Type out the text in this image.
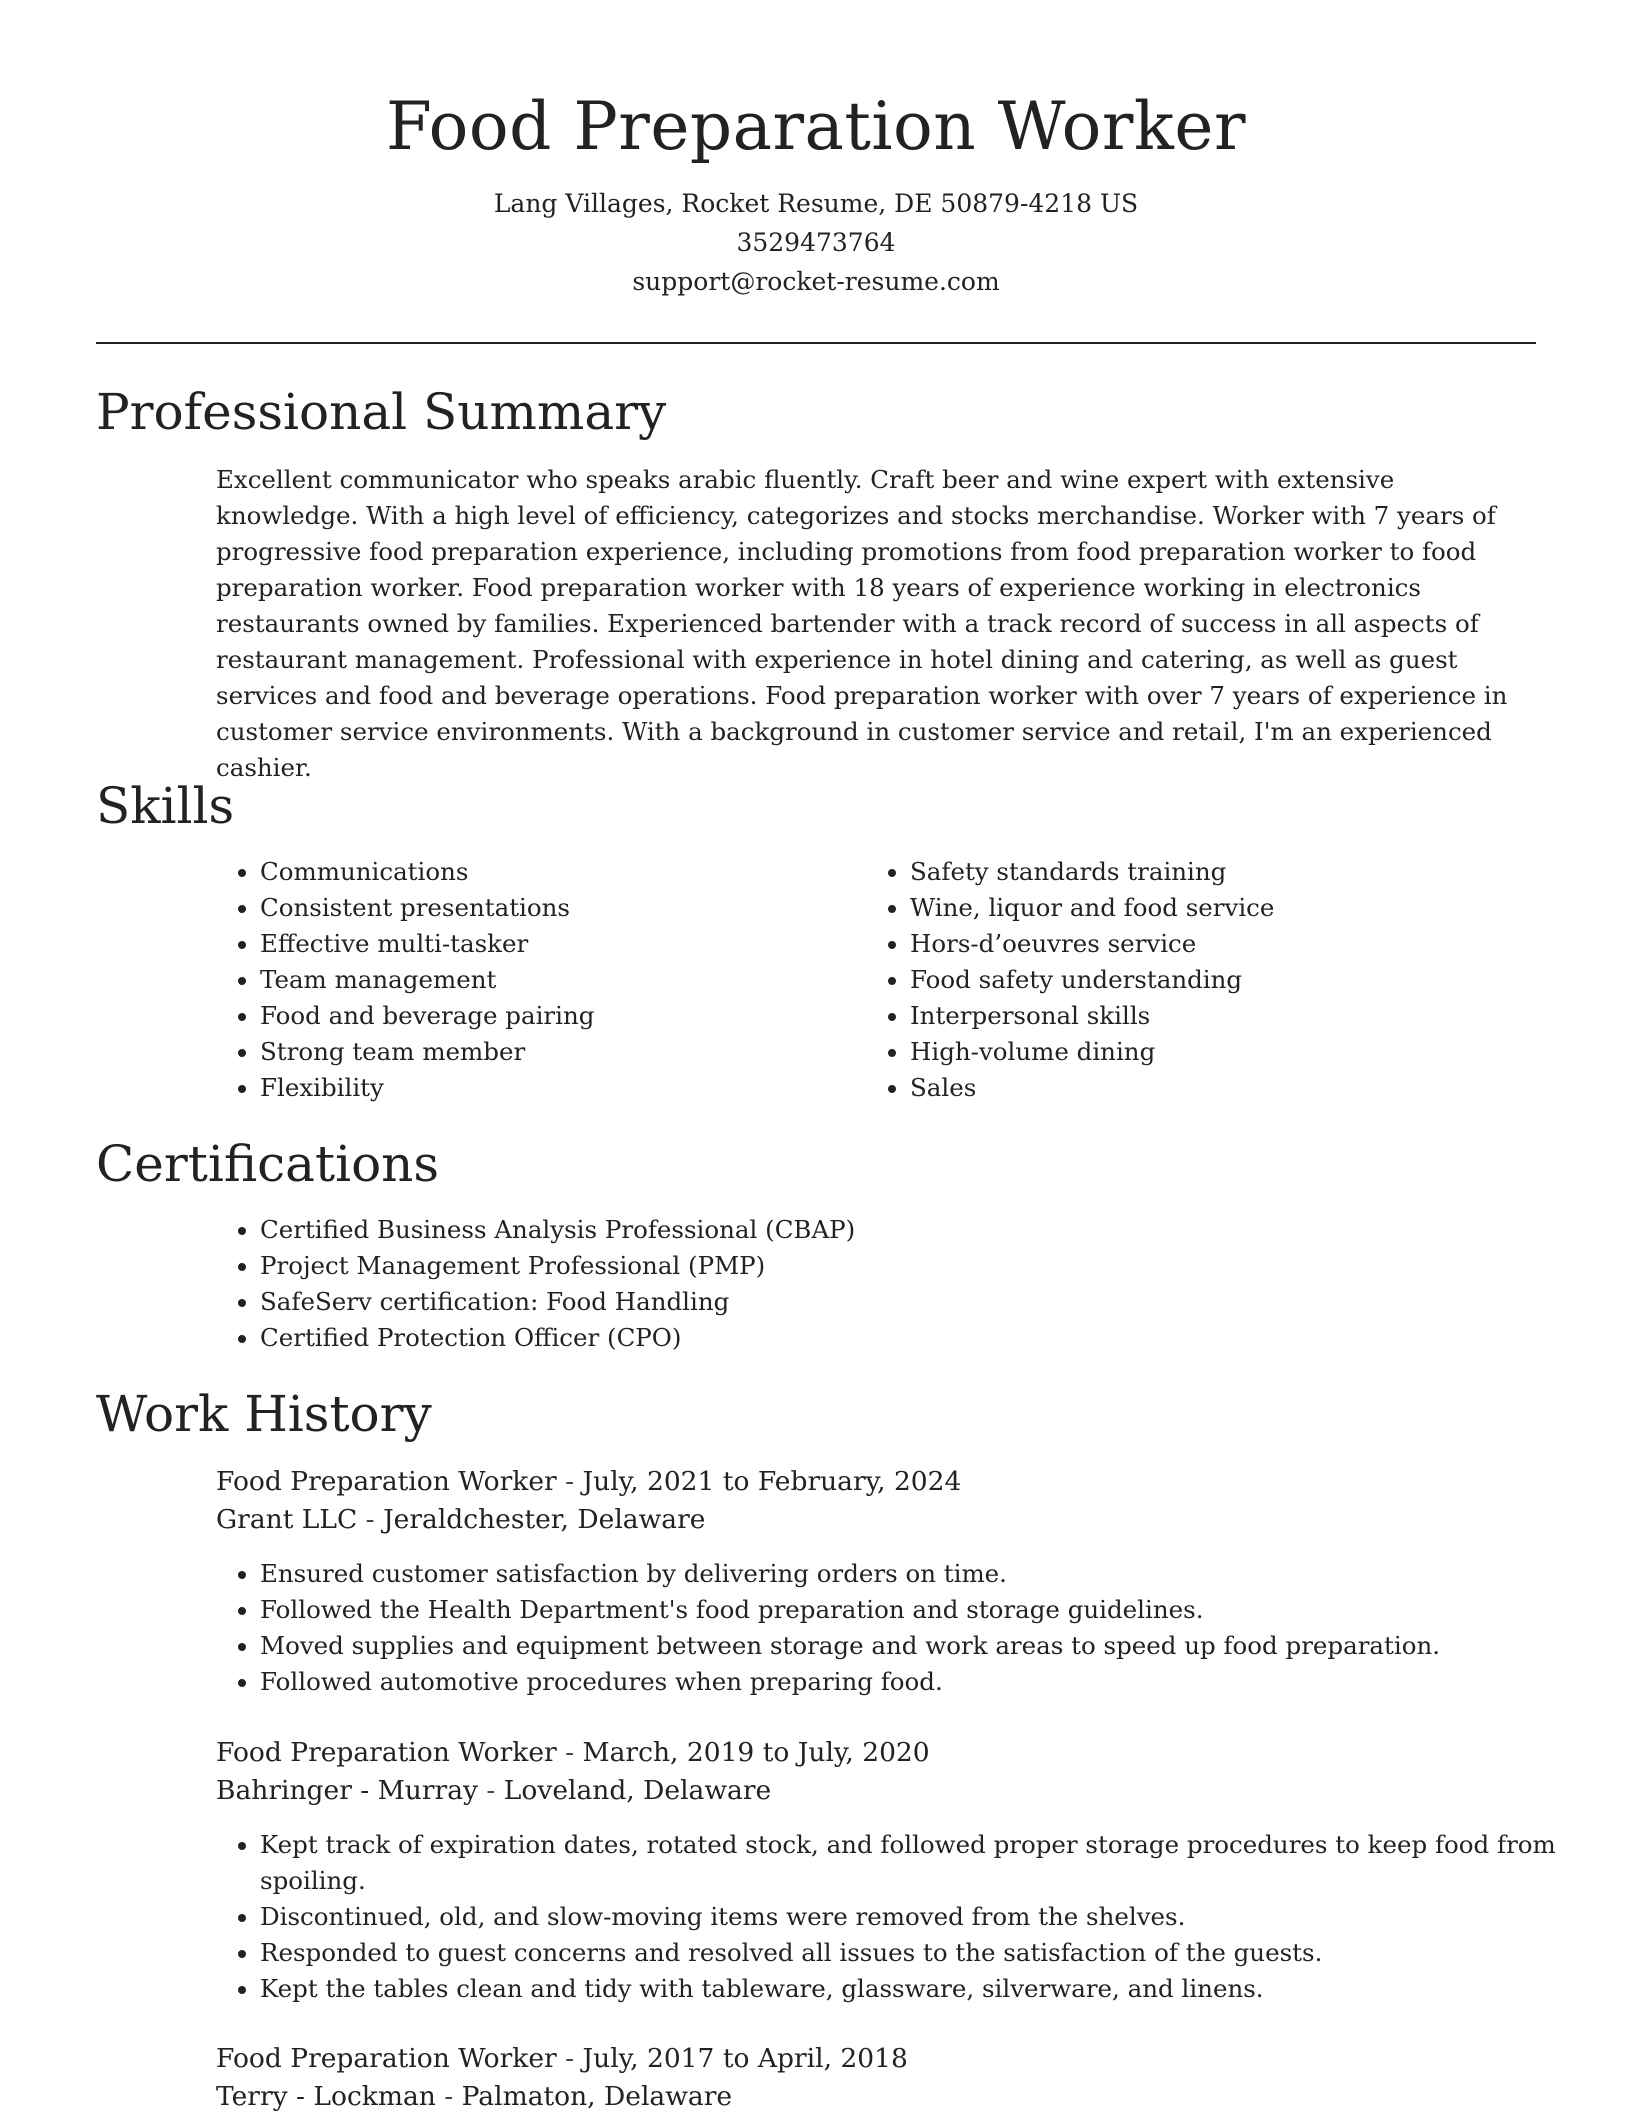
Food Preparation Worker

Lang Villages, Rocket Resume, DE 50879-4218 US

3529473764

support@rocket-resume.com

Professional Summary

Excellent communicator who speaks arabic fluently. Craft beer and wine expert with extensive knowledge. With a high level of efficiency, categorizes and stocks merchandise. Worker with 7 years of progressive food preparation experience, including promotions from food preparation worker to food preparation worker. Food preparation worker with 18 years of experience working in electronics restaurants owned by families. Experienced bartender with a track record of success in all aspects of restaurant management. Professional with experience in hotel dining and catering, as well as guest services and food and beverage operations. Food preparation worker with over 7 years of experience in customer service environments. With a background in customer service and retail, I'm an experienced cashier.

Skills
• Communications
• Consistent presentations
• Effective multi-tasker
• Team management
• Food and beverage pairing
• Strong team member
• Flexibility
• Safety standards training
• Wine, liquor and food service
• Hors-d’oeuvres service
• Food safety understanding
• Interpersonal skills
• High-volume dining
• Sales
Certifications
• Certified Business Analysis Professional (CBAP)
• Project Management Professional (PMP)
• SafeServ certification: Food Handling
• Certified Protection Officer (CPO)
Work History

Food Preparation Worker - July, 2021 to February, 2024

Grant LLC - Jeraldchester, Delaware

• Ensured customer satisfaction by delivering orders on time.
• Followed the Health Department's food preparation and storage guidelines.
• Moved supplies and equipment between storage and work areas to speed up food preparation.
• Followed automotive procedures when preparing food.

Food Preparation Worker - March, 2019 to July, 2020

Bahringer - Murray - Loveland, Delaware

• Kept track of expiration dates, rotated stock, and followed proper storage procedures to keep food from spoiling.
• Discontinued, old, and slow-moving items were removed from the shelves.
• Responded to guest concerns and resolved all issues to the satisfaction of the guests.
• Kept the tables clean and tidy with tableware, glassware, silverware, and linens.

Food Preparation Worker - July, 2017 to April, 2018

Terry - Lockman - Palmaton, Delaware
